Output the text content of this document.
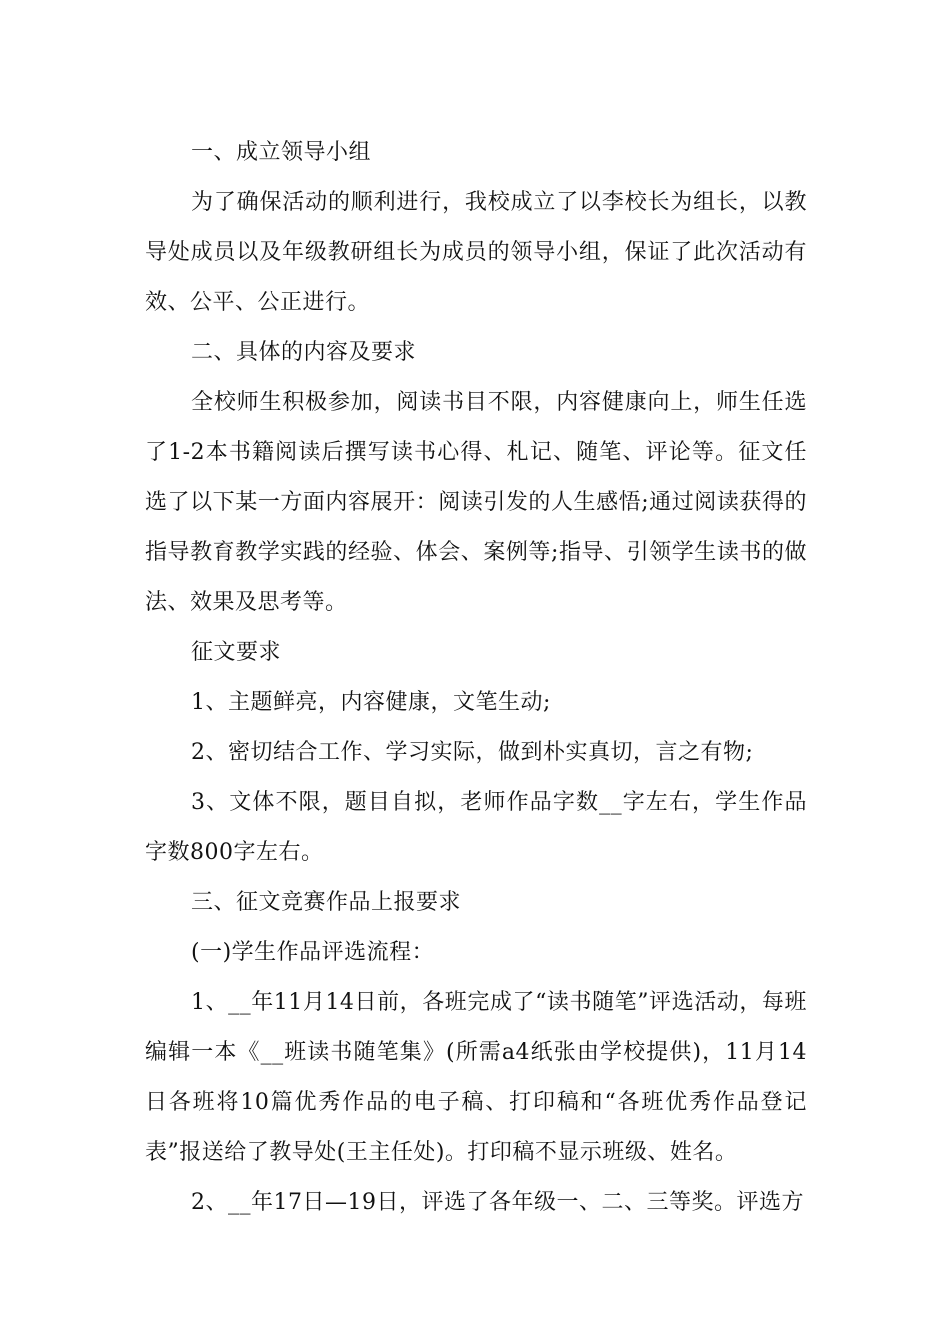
一、成立领导小组

为了确保活动的顺利进行，我校成立了以李校长为组长，以教导处成员以及年级教研组长为成员的领导小组，保证了此次活动有效、公平、公正进行。

二、具体的内容及要求

全校师生积极参加，阅读书目不限，内容健康向上，师生任选了1-2本书籍阅读后撰写读书心得、札记、随笔、评论等。征文任选了以下某一方面内容展开：阅读引发的人生感悟;通过阅读获得的指导教育教学实践的经验、体会、案例等;指导、引领学生读书的做法、效果及思考等。

征文要求

1、主题鲜亮，内容健康，文笔生动;

2、密切结合工作、学习实际，做到朴实真切，言之有物;

3、文体不限，题目自拟，老师作品字数__字左右，学生作品字数800字左右。

三、征文竞赛作品上报要求

(一)学生作品评选流程：

1、__年11月14日前，各班完成了“读书随笔”评选活动，每班编辑一本《__班读书随笔集》(所需a4纸张由学校提供)，11月14日各班将10篇优秀作品的电子稿、打印稿和“各班优秀作品登记表”报送给了教导处(王主任处)。打印稿不显示班级、姓名。

2、__年17日—19日，评选了各年级一、二、三等奖。评选方
